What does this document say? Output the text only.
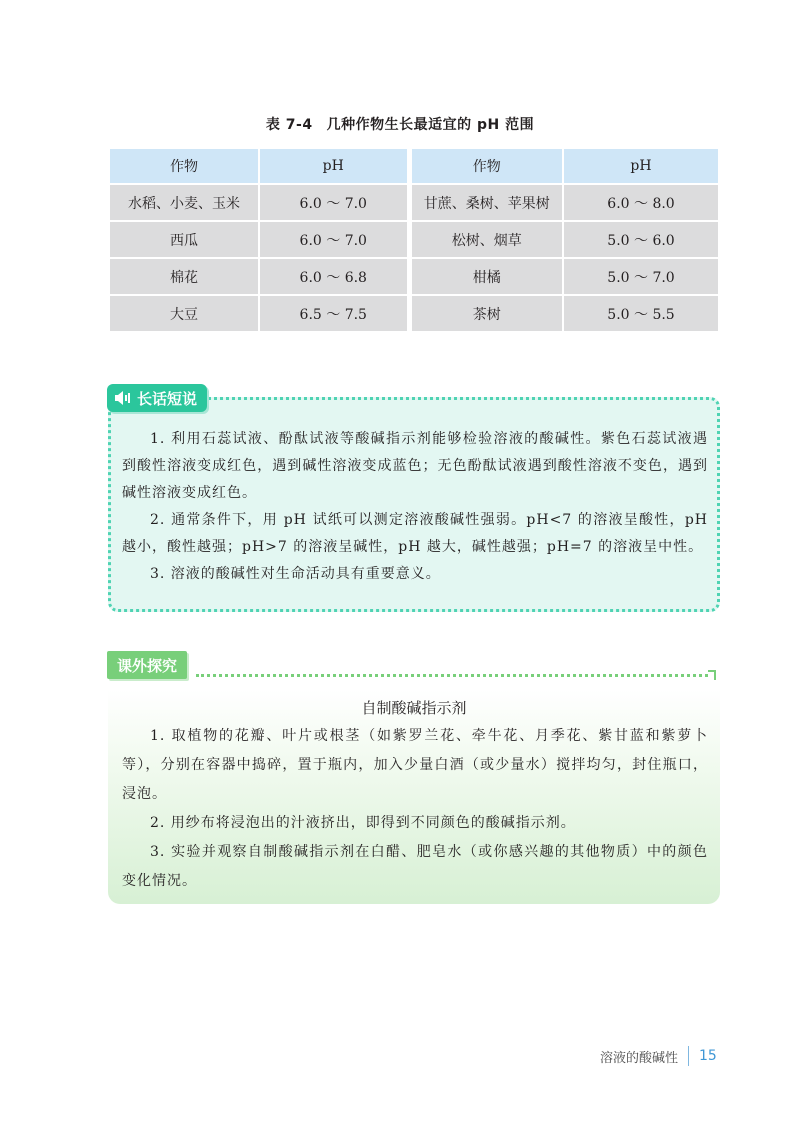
表 7-4 几种作物生长最适宜的 pH 范围
作物	pH	作物	pH
水稻、小麦、玉米	6.0 ～ 7.0	甘蔗、桑树、苹果树	6.0 ～ 8.0
西瓜	6.0 ～ 7.0	松树、烟草	5.0 ～ 6.0
棉花	6.0 ～ 6.8	柑橘	5.0 ～ 7.0
大豆	6.5 ～ 7.5	茶树	5.0 ～ 5.5
长话短说

1. 利用石蕊试液、酚酞试液等酸碱指示剂能够检验溶液的酸碱性。紫色石蕊试液遇到酸性溶液变成红色，遇到碱性溶液变成蓝色；无色酚酞试液遇到酸性溶液不变色，遇到碱性溶液变成红色。

2. 通常条件下，用 pH 试纸可以测定溶液酸碱性强弱。pH<7 的溶液呈酸性，pH 越小，酸性越强；pH>7 的溶液呈碱性，pH 越大，碱性越强；pH=7 的溶液呈中性。

3. 溶液的酸碱性对生命活动具有重要意义。

课外探究
自制酸碱指示剂

1. 取植物的花瓣、叶片或根茎（如紫罗兰花、牵牛花、月季花、紫甘蓝和紫萝卜等），分别在容器中捣碎，置于瓶内，加入少量白酒（或少量水）搅拌均匀，封住瓶口，浸泡。

2. 用纱布将浸泡出的汁液挤出，即得到不同颜色的酸碱指示剂。

3. 实验并观察自制酸碱指示剂在白醋、肥皂水（或你感兴趣的其他物质）中的颜色变化情况。

溶液的酸碱性 15
